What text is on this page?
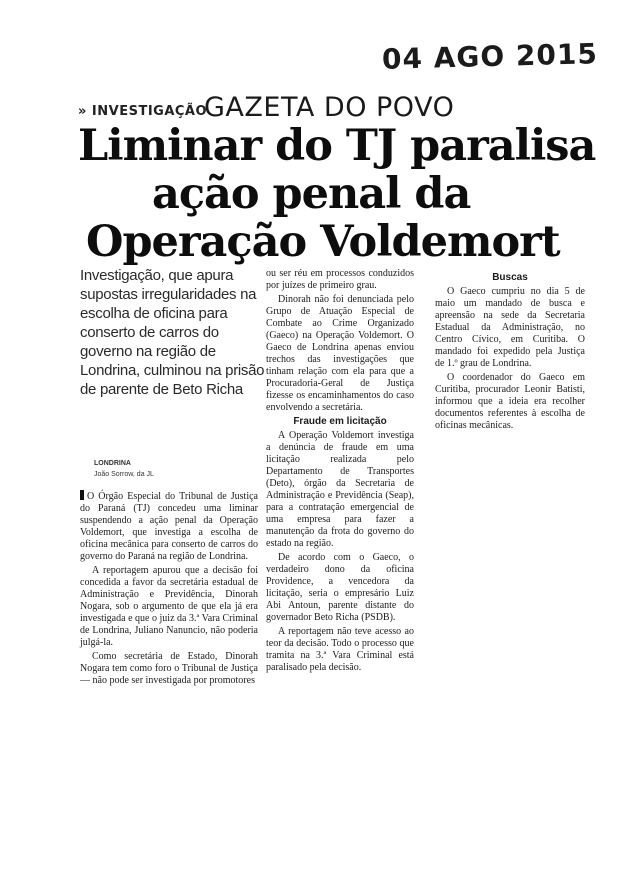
04 AGO 2015
» INVESTIGAÇÃO
GAZETA DO POVO
Liminar do TJ paralisa
ação penal da
Operação Voldemort
Investigação, que apura supostas irregularidades na escolha de oficina para conserto de carros do governo na região de Londrina, culminou na prisão de parente de Beto Richa
LONDRINA
João Sorrow, da JL

O Órgão Especial do Tribunal de Justiça do Paraná (TJ) concedeu uma liminar suspendendo a ação penal da Operação Voldemort, que investiga a escolha de oficina mecânica para conserto de carros do governo do Paraná na região de Londrina.

A reportagem apurou que a decisão foi concedida a favor da secretária estadual de Administração e Previdência, Dinorah Nogara, sob o argumento de que ela já era investigada e que o juiz da 3.ª Vara Criminal de Londrina, Juliano Nanuncio, não poderia julgá-la.

Como secretária de Estado, Dinorah Nogara tem como foro o Tribunal de Justiça — não pode ser investigada por promotores

ou ser réu em processos conduzidos por juízes de primeiro grau.

Dinorah não foi denunciada pelo Grupo de Atuação Especial de Combate ao Crime Organizado (Gaeco) na Operação Voldemort. O Gaeco de Londrina apenas enviou trechos das investigações que tinham relação com ela para que a Procuradoria-Geral de Justiça fizesse os encaminhamentos do caso envolvendo a secretária.

Fraude em licitação

A Operação Voldemort investiga a denúncia de fraude em uma licitação realizada pelo Departamento de Transportes (Deto), órgão da Secretaria de Administração e Previdência (Seap), para a contratação emergencial de uma empresa para fazer a manutenção da frota do governo do estado na região.

De acordo com o Gaeco, o verdadeiro dono da oficina Providence, a vencedora da licitação, seria o empresário Luiz Abi Antoun, parente distante do governador Beto Richa (PSDB).

A reportagem não teve acesso ao teor da decisão. Todo o processo que tramita na 3.ª Vara Criminal está paralisado pela decisão.

Buscas

O Gaeco cumpriu no dia 5 de maio um mandado de busca e apreensão na sede da Secretaria Estadual da Administração, no Centro Cívico, em Curitiba. O mandado foi expedido pela Justiça de 1.º grau de Londrina.

O coordenador do Gaeco em Curitiba, procurador Leonir Batisti, informou que a ideia era recolher documentos referentes à escolha de oficinas mecânicas.
